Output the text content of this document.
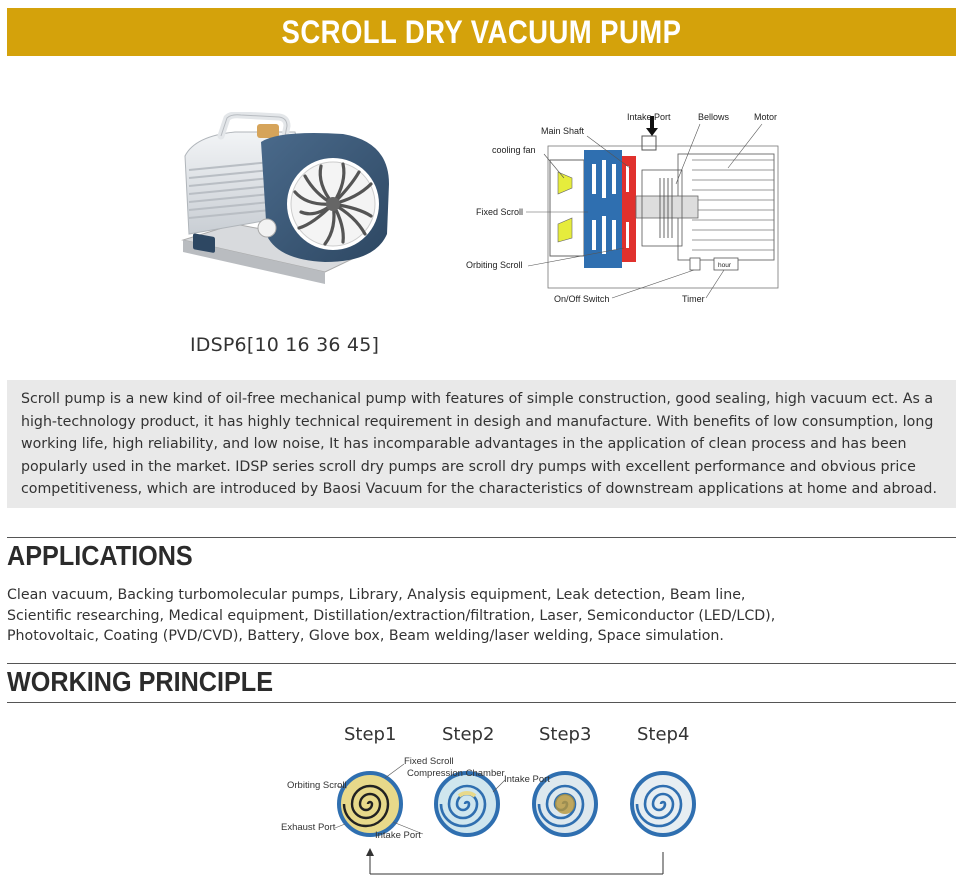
SCROLL DRY VACUUM PUMP
IDSP6[10 16 36 45]
hour
Intake Port	Bellows	Motor
Main Shaft
cooling fan
Fixed Scroll
Orbiting Scroll
On/Off Switch	Timer
Scroll pump is a new kind of oil-free mechanical pump with features of simple construction, good sealing, high vacuum ect. As a high-technology product, it has highly technical requirement in desigh and manufacture. With benefits of low consumption, long working life, high reliability, and low noise, It has incomparable advantages in the application of clean process and has been popularly used in the market. IDSP series scroll dry pumps are scroll dry pumps with excellent performance and obvious price competitiveness, which are introduced by Baosi Vacuum for the characteristics of downstream applications at home and abroad.
APPLICATIONS
Clean vacuum, Backing turbomolecular pumps, Library, Analysis equipment, Leak detection, Beam line,
Scientific researching, Medical equipment, Distillation/extraction/filtration, Laser, Semiconductor (LED/LCD),
Photovoltaic, Coating (PVD/CVD), Battery, Glove box, Beam welding/laser welding, Space simulation.
WORKING PRINCIPLE
Step1	Step2 Step3	Step4
Fixed Scroll
Compression Chamber
Intake Port
Orbiting Scroll
Exhaust Port
Intake Port
